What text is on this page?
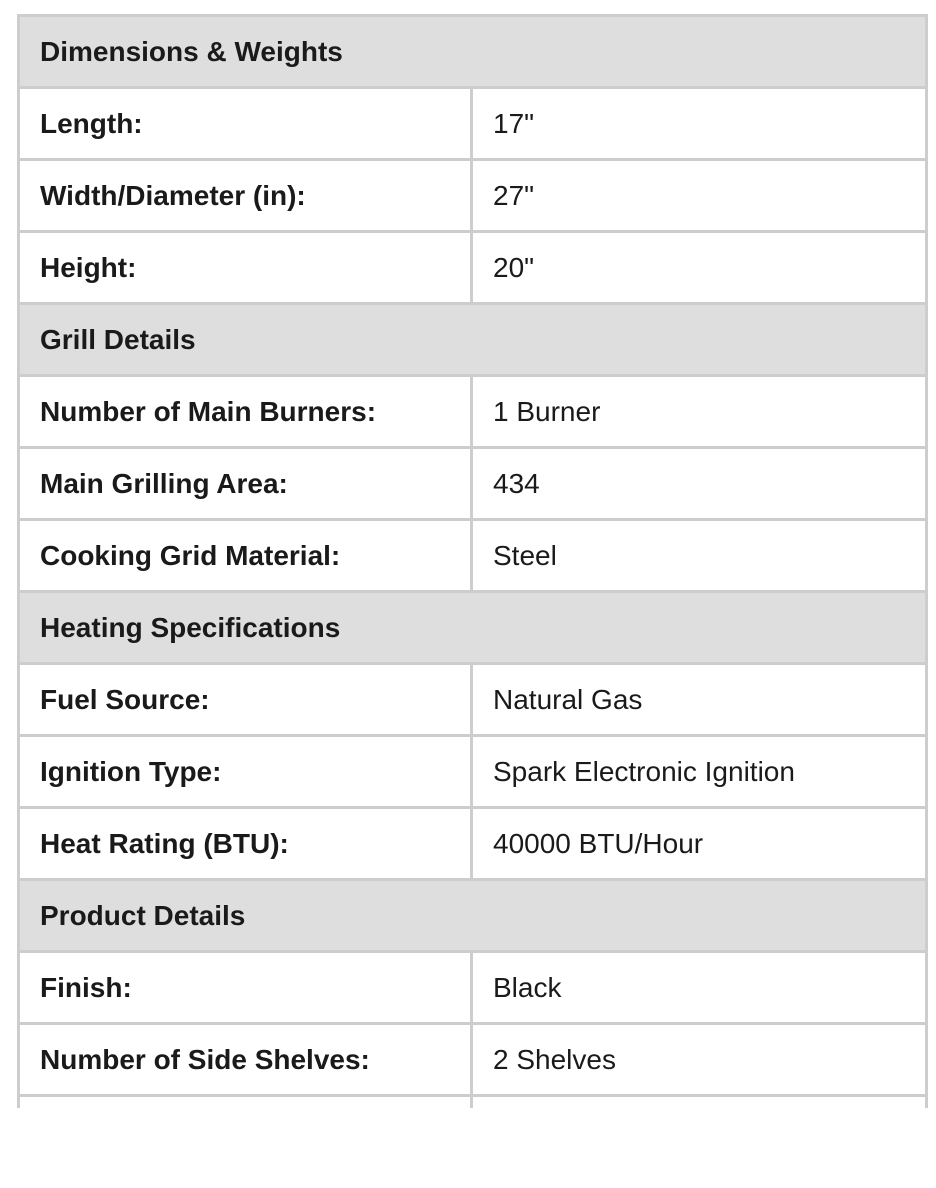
Dimensions & Weights	
Length:	17"
Width/Diameter (in):	27"
Height:	20"
Grill Details	
Number of Main Burners:	1 Burner
Main Grilling Area:	434
Cooking Grid Material:	Steel
Heating Specifications	
Fuel Source:	Natural Gas
Ignition Type:	Spark Electronic Ignition
Heat Rating (BTU):	40000 BTU/Hour
Product Details	
Finish:	Black
Number of Side Shelves:	2 Shelves
